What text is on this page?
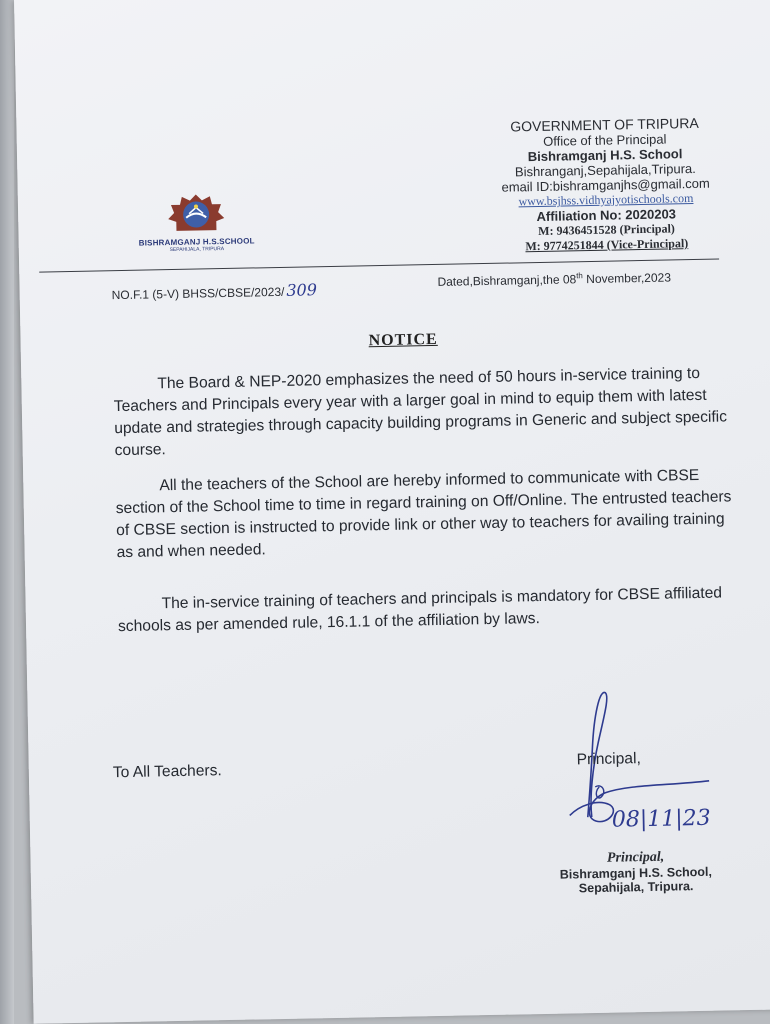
GOVERNMENT OF TRIPURA
Office of the Principal
Bishramganj H.S. School
Bishranganj,Sepahijala,Tripura.
email ID:bishramganjhs@gmail.com
www.bsjhss.vidhyajyotischools.com
Affiliation No: 2020203
M: 9436451528 (Principal)
M: 9774251844 (Vice-Principal)
BISHRAMGANJ H.S.SCHOOL
SEPAHIJALA, TRIPURA
NO.F.1 (5-V) BHSS/CBSE/2023/ 309	Dated,Bishramganj,the 08th November,2023
NOTICE
The Board & NEP-2020 emphasizes the need of 50 hours in-service training to Teachers and Principals every year with a larger goal in mind to equip them with latest update and strategies through capacity building programs in Generic and subject specific course.
All the teachers of the School are hereby informed to communicate with CBSE section of the School time to time in regard training on Off/Online. The entrusted teachers of CBSE section is instructed to provide link or other way to teachers for availing training as and when needed.
The in-service training of teachers and principals is mandatory for CBSE affiliated schools as per amended rule, 16.1.1 of the affiliation by laws.
To All Teachers.
08|11|23
Principal,
Principal,
Bishramganj H.S. School,
Sepahijala, Tripura.
